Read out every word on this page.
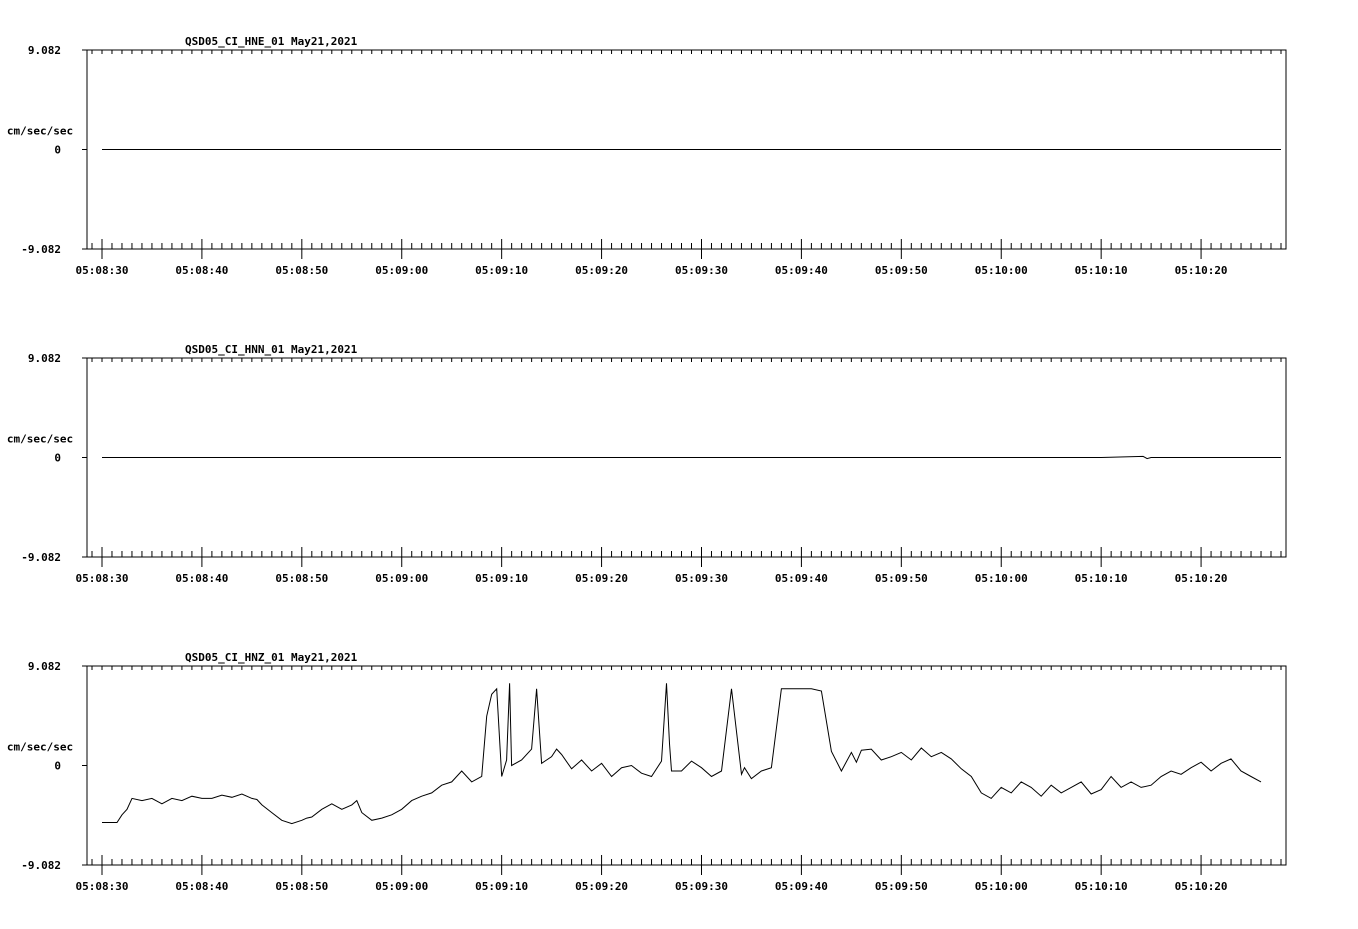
QSD05_CI_HNE_01 May21,2021
9.082
0
-9.082
cm/sec/sec
05:08:30	05:08:40	05:08:50	05:09:00	05:09:10	05:09:20	05:09:30	05:09:40	05:09:50	05:10:00	05:10:10	05:10:20
QSD05_CI_HNN_01 May21,2021
9.082
0
-9.082
cm/sec/sec
05:08:30	05:08:40	05:08:50	05:09:00	05:09:10	05:09:20	05:09:30	05:09:40	05:09:50	05:10:00	05:10:10	05:10:20
QSD05_CI_HNZ_01 May21,2021
9.082
0
-9.082
cm/sec/sec
05:08:30	05:08:40	05:08:50	05:09:00	05:09:10	05:09:20	05:09:30	05:09:40	05:09:50	05:10:00	05:10:10	05:10:20
